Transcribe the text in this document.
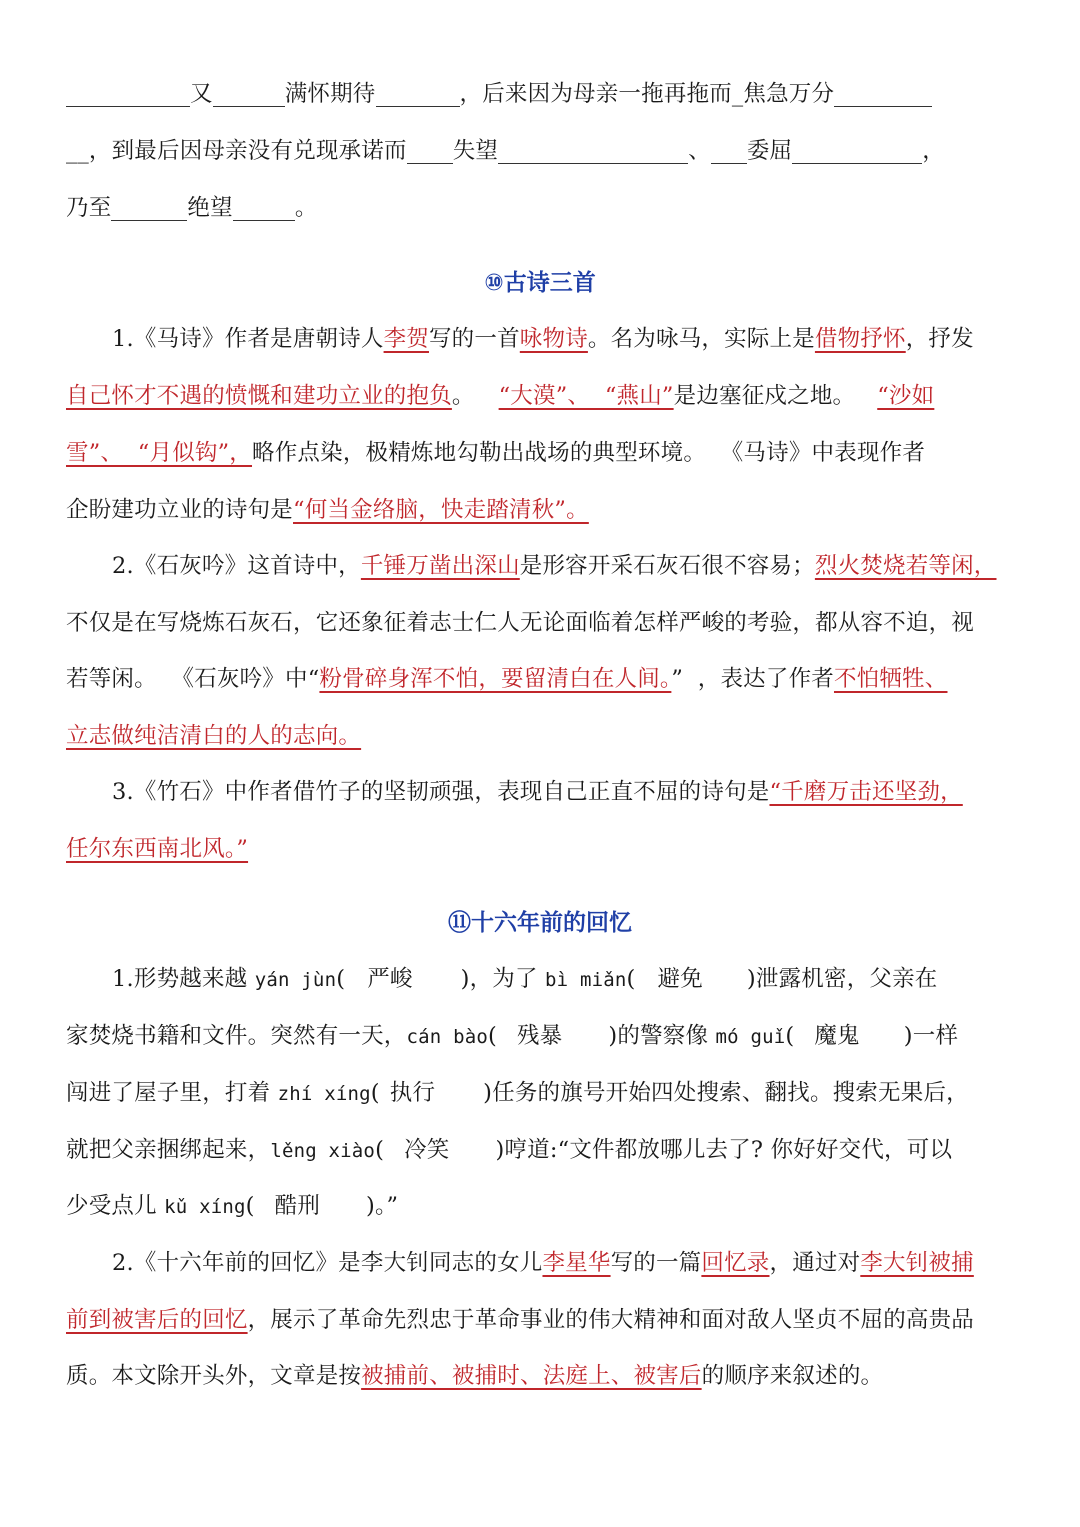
又	满怀期待	，后来因为母亲一拖再拖而_焦急万分
__，到最后因母亲没有兑现承诺而 失望	、 委屈	，
乃至	绝望	。
⑩古诗三首
1.《马诗》作者是唐朝诗人李贺写的一首咏物诗。名为咏马，实际上是借物抒怀，抒发
自己怀才不遇的愤慨和建功立业的抱负。 “大漠”、  “燕山”是边塞征戍之地。 “沙如
雪”、  “月似钩”，略作点染，极精炼地勾勒出战场的典型环境。  《马诗》中表现作者
企盼建功立业的诗句是“何当金络脑，快走踏清秋”。
2.《石灰吟》这首诗中，千锤万凿出深山是形容开采石灰石很不容易；烈火焚烧若等闲，
不仅是在写烧炼石灰石，它还象征着志士仁人无论面临着怎样严峻的考验，都从容不迫，视
若等闲。  《石灰吟》中“粉骨碎身浑不怕，要留清白在人间。”  ，表达了作者不怕牺牲、
立志做纯洁清白的人的志向。
3.《竹石》中作者借竹子的坚韧顽强，表现自己正直不屈的诗句是“千磨万击还坚劲，
任尔东西南北风。”
⑪十六年前的回忆
1.形势越来越 yán jùn( 严峻 )，为了 bì miǎn( 避免 )泄露机密，父亲在
家焚烧书籍和文件。突然有一天，cán bào( 残暴 )的警察像 mó guǐ( 魔鬼 )一样
闯进了屋子里，打着 zhí xíng( 执行 )任务的旗号开始四处搜索、翻找。搜索无果后，
就把父亲捆绑起来，lěng xiào( 冷笑 )哼道:“文件都放哪儿去了? 你好好交代，可以
少受点儿 kǔ xíng( 酷刑 )。”
2.《十六年前的回忆》是李大钊同志的女儿李星华写的一篇回忆录，通过对李大钊被捕
前到被害后的回忆，展示了革命先烈忠于革命事业的伟大精神和面对敌人坚贞不屈的高贵品
质。本文除开头外，文章是按被捕前、被捕时、法庭上、被害后的顺序来叙述的。
